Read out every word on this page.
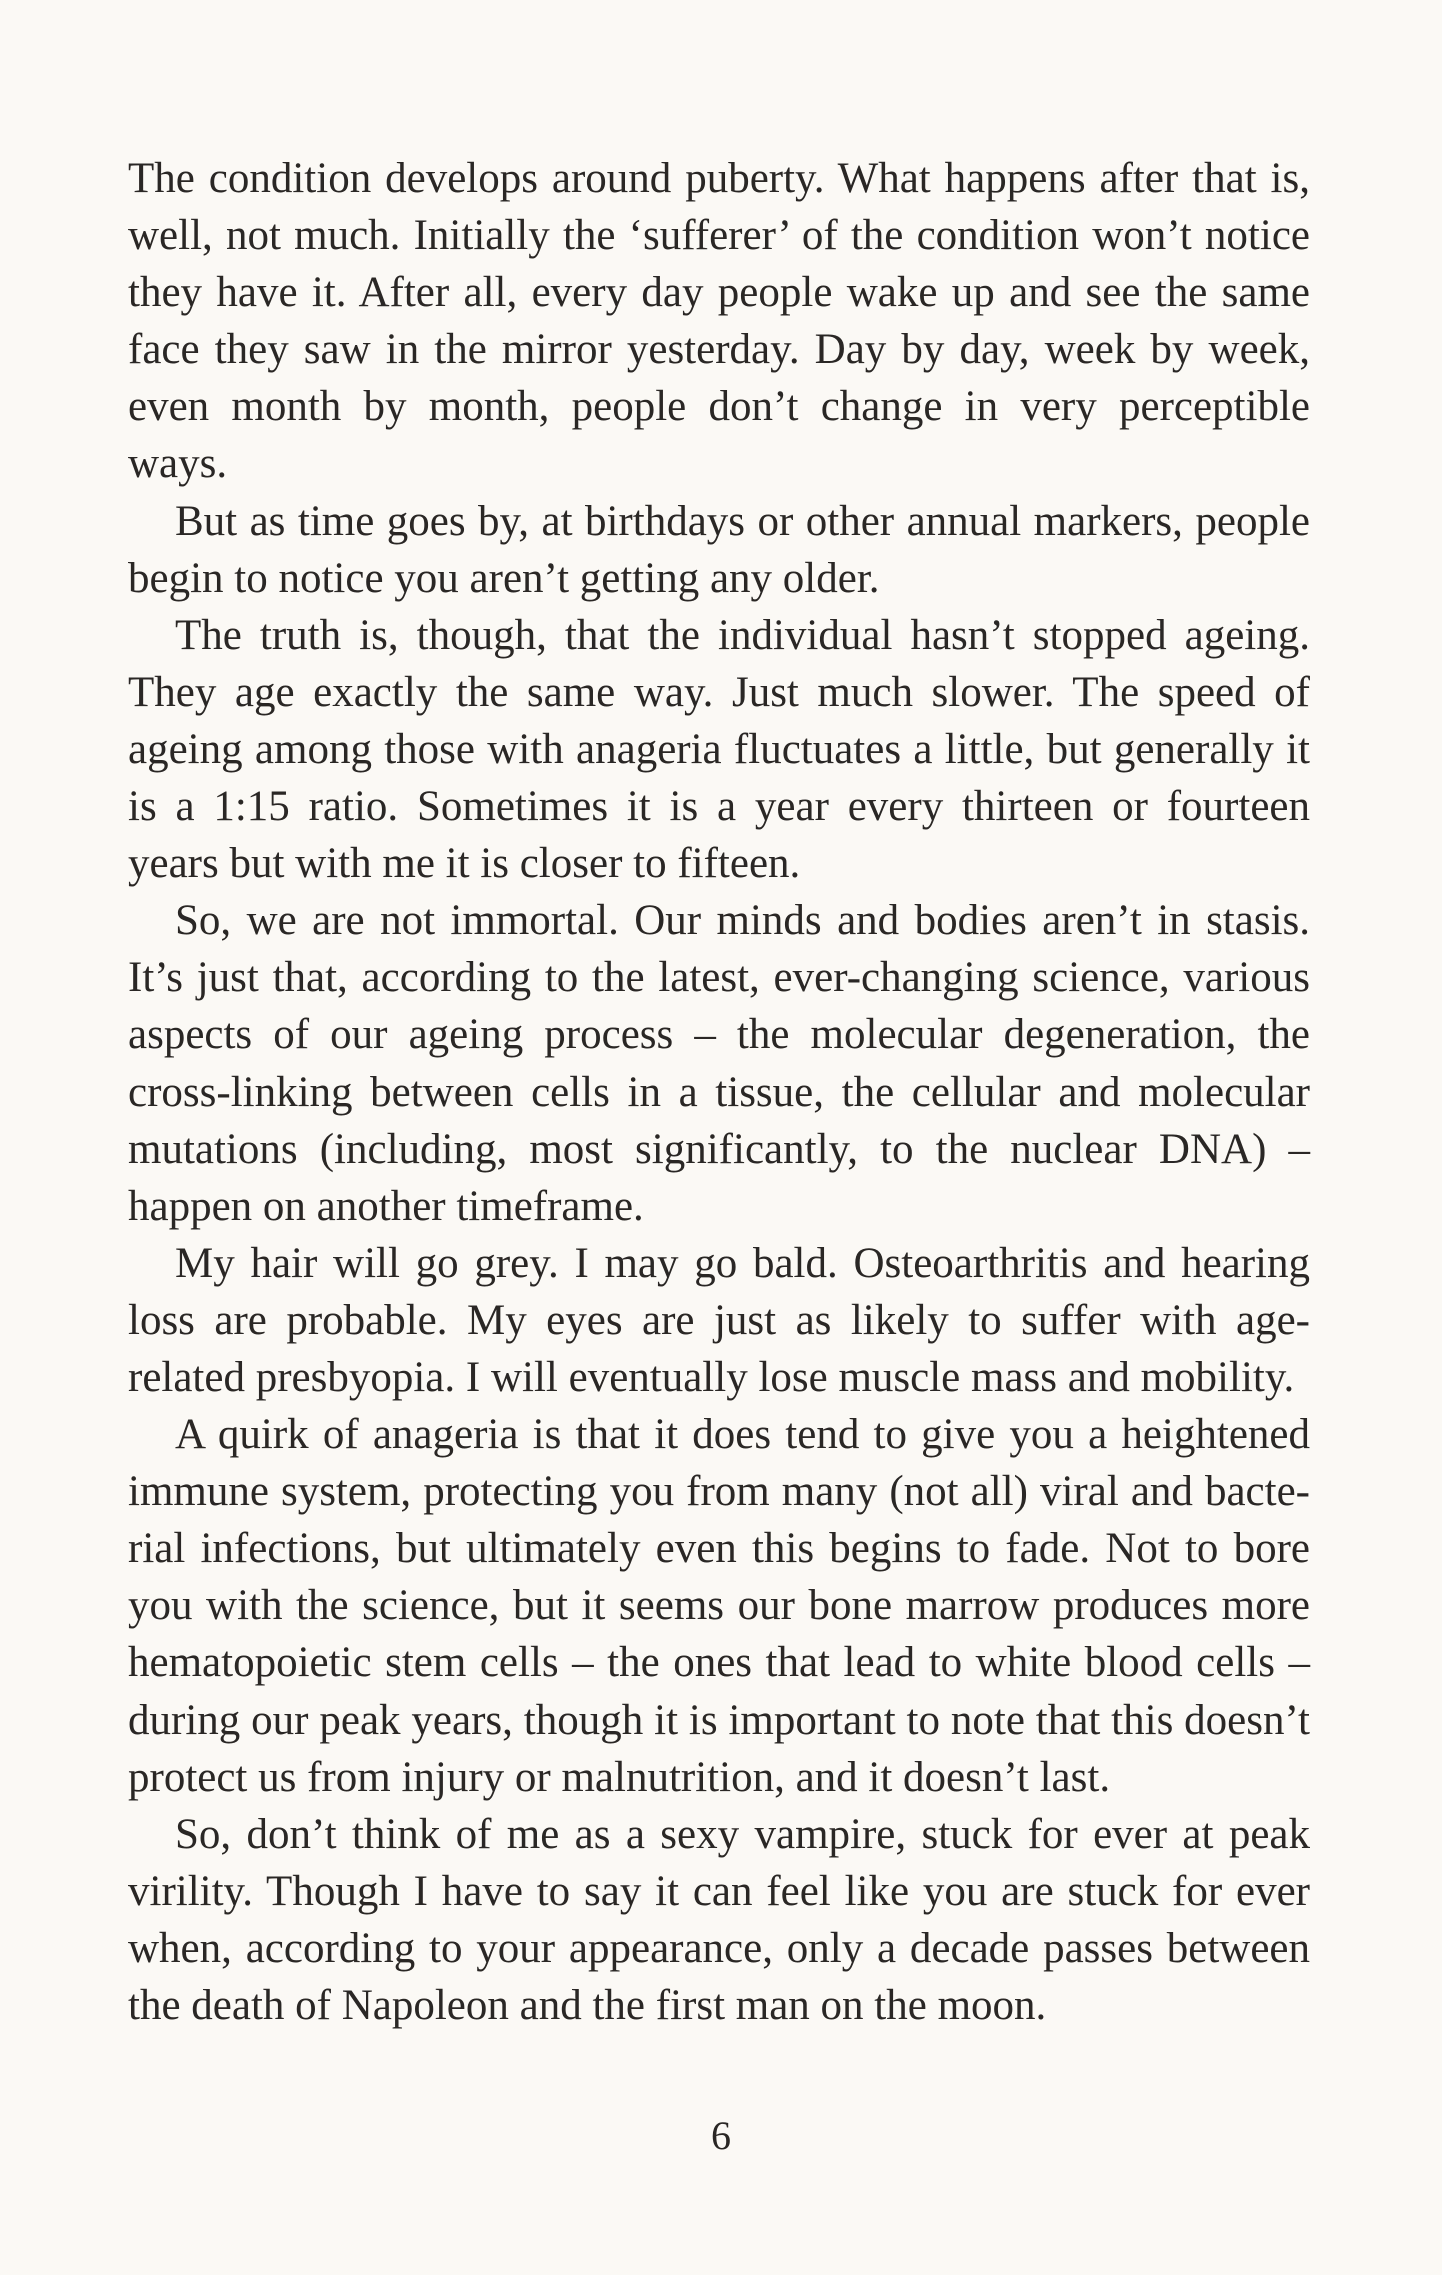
The condition develops around puberty. What happens after that is, well, not much. Initially the ‘sufferer’ of the condition won’t notice they have it. After all, every day people wake up and see the same face they saw in the mirror yesterday. Day by day, week by week, even month by month, people don’t change in very perceptible ways.

But as time goes by, at birthdays or other annual markers, people begin to notice you aren’t getting any older.

The truth is, though, that the individual hasn’t stopped ageing. They age exactly the same way. Just much slower. The speed of ageing among those with anageria fluctuates a little, but generally it is a 1:15 ratio. Sometimes it is a year every thirteen or fourteen years but with me it is closer to fifteen.

So, we are not immortal. Our minds and bodies aren’t in stasis. It’s just that, according to the latest, ever-changing science, various aspects of our ageing process – the molecular degeneration, the cross-linking between cells in a tissue, the cellular and molecular mutations (including, most significantly, to the nuclear DNA) – happen on another timeframe.

My hair will go grey. I may go bald. Osteoarthritis and hearing loss are probable. My eyes are just as likely to suffer with age-related presbyopia. I will eventually lose muscle mass and mobility.

A quirk of anageria is that it does tend to give you a heightened immune system, protecting you from many (not all) viral and bacterial infections, but ultimately even this begins to fade. Not to bore you with the science, but it seems our bone marrow produces more hematopoietic stem cells – the ones that lead to white blood cells – during our peak years, though it is important to note that this doesn’t protect us from injury or malnutrition, and it doesn’t last.

So, don’t think of me as a sexy vampire, stuck for ever at peak virility. Though I have to say it can feel like you are stuck for ever when, according to your appearance, only a decade passes between the death of Napoleon and the first man on the moon.

6
